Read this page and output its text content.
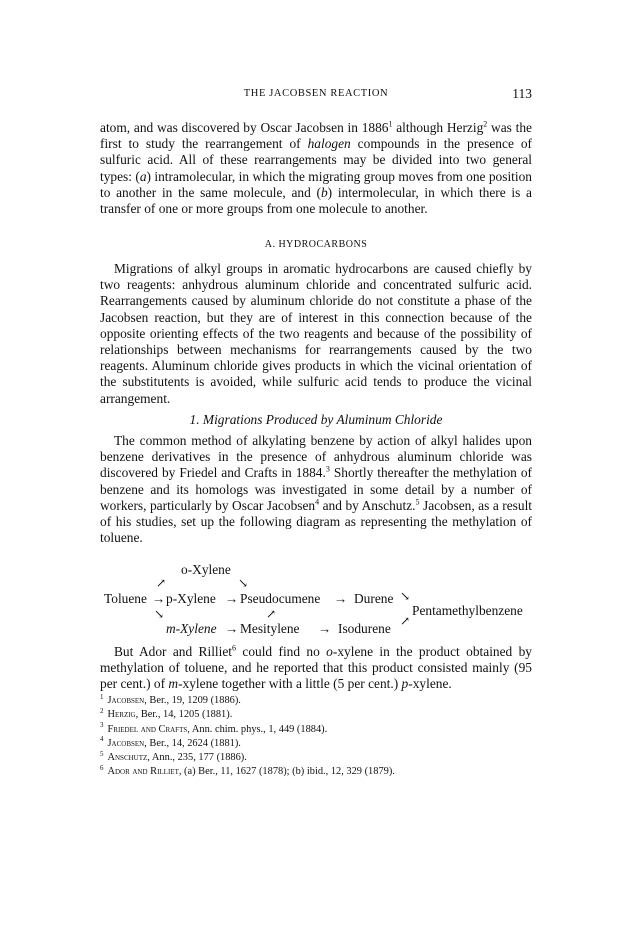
THE JACOBSEN REACTION	113

atom, and was discovered by Oscar Jacobsen in 1886$^1$ although Herzig$^2$ was the first to study the rearrangement of halogen compounds in the presence of sulfuric acid. All of these rearrangements may be divided into two general types: (a) intramolecular, in which the migrating group moves from one position to another in the same molecule, and (b) intermolecular, in which there is a transfer of one or more groups from one molecule to another.

A. HYDROCARBONS

Migrations of alkyl groups in aromatic hydrocarbons are caused chiefly by two reagents: anhydrous aluminum chloride and concentrated sulfuric acid. Rearrangements caused by aluminum chloride do not constitute a phase of the Jacobsen reaction, but they are of interest in this connection because of the opposite orienting effects of the two reagents and because of the possibility of relationships between mechanisms for rearrangements caused by the two reagents. Aluminum chloride gives products in which the vicinal orientation of the substitutents is avoided, while sulfuric acid tends to produce the vicinal arrangement.

1. Migrations Produced by Aluminum Chloride

The common method of alkylating benzene by action of alkyl halides upon benzene derivatives in the presence of anhydrous aluminum chloride was discovered by Friedel and Crafts in 1884.$^3$ Shortly thereafter the methylation of benzene and its homologs was investigated in some detail by a number of workers, particularly by Oscar Jacobsen$^4$ and by Anschutz.$^5$ Jacobsen, as a result of his studies, set up the following diagram as representing the methylation of toluene.

o-Xylene
↗	↘
Toluene → p-Xylene → Pseudocumene → Durene ↘
Pentamethylbenzene
↘	↗	↗
m-Xylene → Mesitylene → Isodurene

But Ador and Rilliet$^6$ could find no o-xylene in the product obtained by methylation of toluene, and he reported that this product consisted mainly (95 per cent.) of m-xylene together with a little (5 per cent.) p-xylene.

$^1$ Jacobsen, Ber., 19, 1209 (1886).
$^2$ Herzig, Ber., 14, 1205 (1881).
$^3$ Friedel and Crafts, Ann. chim. phys., 1, 449 (1884).
$^4$ Jacobsen, Ber., 14, 2624 (1881).
$^5$ Anschutz, Ann., 235, 177 (1886).
$^6$ Ador and Rilliet, (a) Ber., 11, 1627 (1878); (b) ibid., 12, 329 (1879).
